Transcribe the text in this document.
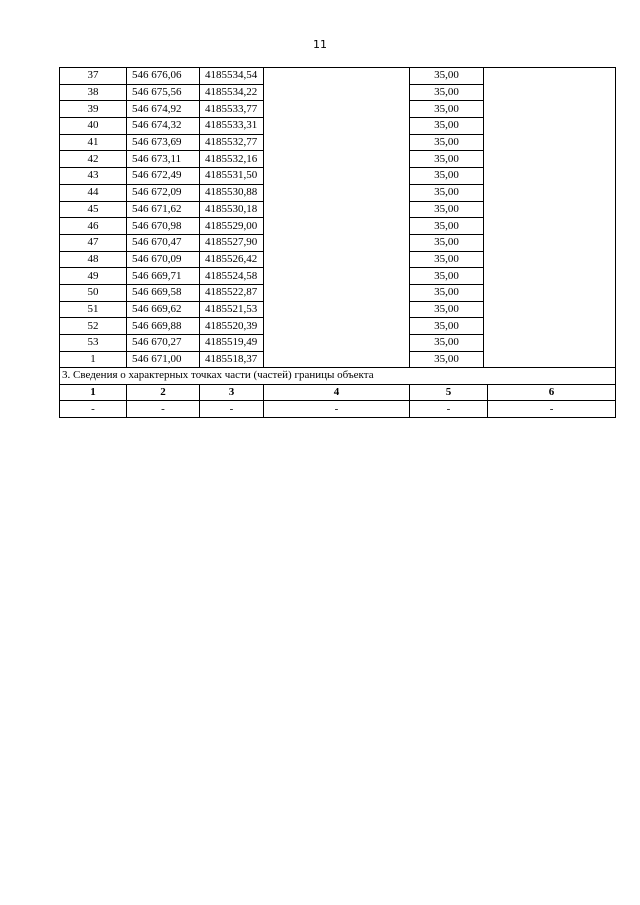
11
37	546 676,06	4185534,54		35,00	
38	546 675,56	4185534,22		35,00	
39	546 674,92	4185533,77		35,00	
40	546 674,32	4185533,31		35,00	
41	546 673,69	4185532,77		35,00	
42	546 673,11	4185532,16		35,00	
43	546 672,49	4185531,50		35,00	
44	546 672,09	4185530,88		35,00	
45	546 671,62	4185530,18		35,00	
46	546 670,98	4185529,00		35,00	
47	546 670,47	4185527,90		35,00	
48	546 670,09	4185526,42		35,00	
49	546 669,71	4185524,58		35,00	
50	546 669,58	4185522,87		35,00	
51	546 669,62	4185521,53		35,00	
52	546 669,88	4185520,39		35,00	
53	546 670,27	4185519,49		35,00	
1	546 671,00	4185518,37		35,00	
3. Сведения о характерных точках части (частей) границы объекта					
1	2	3	4	5	6
-	-	-	-	-	-
